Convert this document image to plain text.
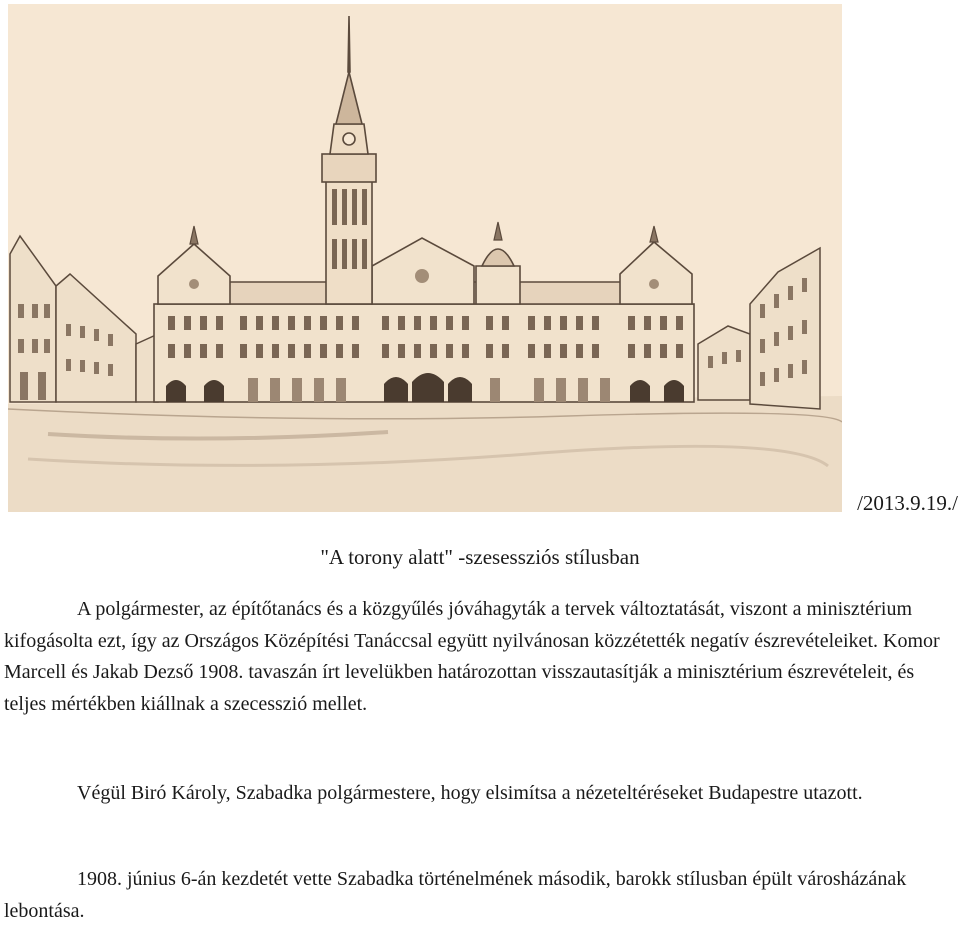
/2013.9.19./
"A torony alatt" -szesessziós stílusban

A polgármester, az építőtanács és a közgyűlés jóváhagyták a tervek változtatását, viszont a minisztérium kifogásolta ezt, így az Országos Középítési Tanáccsal együtt nyilvánosan közzétették negatív észrevételeiket. Komor Marcell és Jakab Dezső 1908. tavaszán írt levelükben határozottan visszautasítják a minisztérium észrevételeit, és teljes mértékben kiállnak a szecesszió mellet.

Végül Biró Károly, Szabadka polgármestere, hogy elsimítsa a nézeteltéréseket Budapestre utazott.

1908. június 6-án kezdetét vette Szabadka történelmének második, barokk stílusban épült városházának lebontása.
